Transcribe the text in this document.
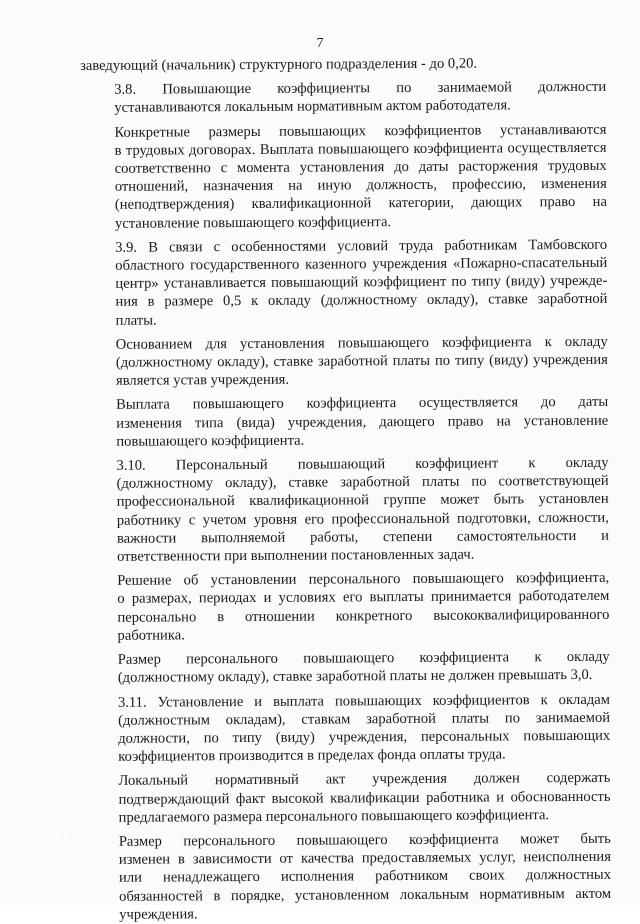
7
заведующий (начальник) структурного подразделения - до 0,20.
3.8. Повышающие коэффициенты по занимаемой должности
устанавливаются локальным нормативным актом работодателя.
Конкретные размеры повышающих коэффициентов устанавливаются
в трудовых договорах. Выплата повышающего коэффициента осуществляется
соответственно с момента установления до даты расторжения трудовых
отношений, назначения на иную должность, профессию, изменения
(неподтверждения) квалификационной категории, дающих право на
установление повышающего коэффициента.
3.9. В связи с особенностями условий труда работникам Тамбовского
областного государственного казенного учреждения «Пожарно-спасательный
центр» устанавливается повышающий коэффициент по типу (виду) учрежде-
ния в размере 0,5 к окладу (должностному окладу), ставке заработной
платы.
Основанием для установления повышающего коэффициента к окладу
(должностному окладу), ставке заработной платы по типу (виду) учреждения
является устав учреждения.
Выплата повышающего коэффициента осуществляется до даты
изменения типа (вида) учреждения, дающего право на установление
повышающего коэффициента.
3.10. Персональный повышающий коэффициент к окладу
(должностному окладу), ставке заработной платы по соответствующей
профессиональной квалификационной группе может быть установлен
работнику с учетом уровня его профессиональной подготовки, сложности,
важности выполняемой работы, степени самостоятельности и
ответственности при выполнении постановленных задач.
Решение об установлении персонального повышающего коэффициента,
о размерах, периодах и условиях его выплаты принимается работодателем
персонально в отношении конкретного высококвалифицированного
работника.
Размер персонального повышающего коэффициента к окладу
(должностному окладу), ставке заработной платы не должен превышать 3,0.
3.11. Установление и выплата повышающих коэффициентов к окладам
(должностным окладам), ставкам заработной платы по занимаемой
должности, по типу (виду) учреждения, персональных повышающих
коэффициентов производится в пределах фонда оплаты труда.
Локальный нормативный акт учреждения должен содержать
подтверждающий факт высокой квалификации работника и обоснованность
предлагаемого размера персонального повышающего коэффициента.
Размер персонального повышающего коэффициента может быть
изменен в зависимости от качества предоставляемых услуг, неисполнения
или ненадлежащего исполнения работником своих должностных
обязанностей в порядке, установленном локальным нормативным актом
учреждения.
· · ·
